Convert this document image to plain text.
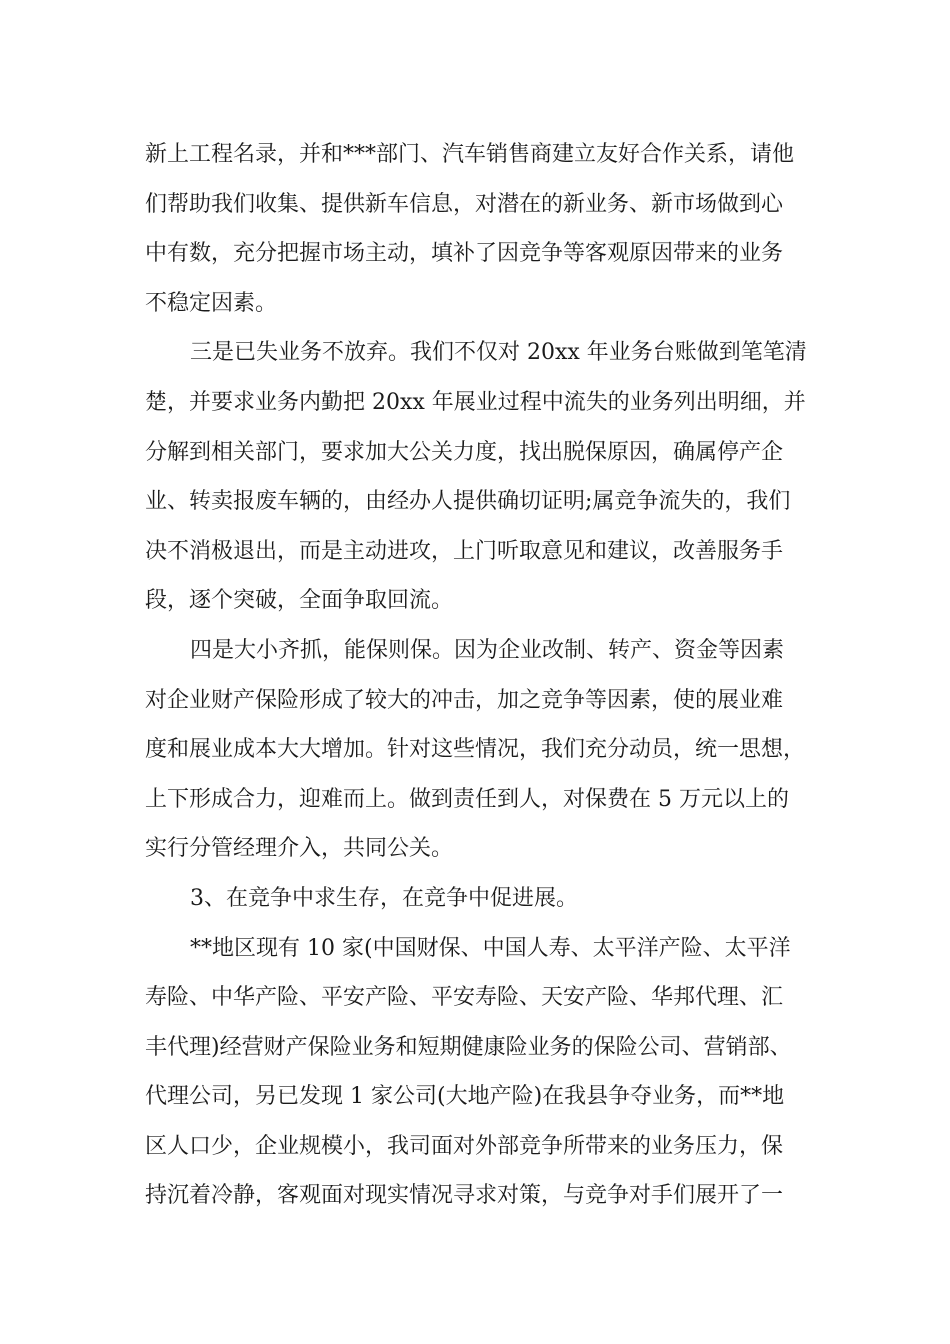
新上工程名录，并和***部门、汽车销售商建立友好合作关系，请他
们帮助我们收集、提供新车信息，对潜在的新业务、新市场做到心
中有数，充分把握市场主动，填补了因竞争等客观原因带来的业务
不稳定因素。
三是已失业务不放弃。我们不仅对 20xx 年业务台账做到笔笔清
楚，并要求业务内勤把 20xx 年展业过程中流失的业务列出明细，并
分解到相关部门，要求加大公关力度，找出脱保原因，确属停产企
业、转卖报废车辆的，由经办人提供确切证明;属竞争流失的，我们
决不消极退出，而是主动进攻，上门听取意见和建议，改善服务手
段，逐个突破，全面争取回流。
四是大小齐抓，能保则保。因为企业改制、转产、资金等因素
对企业财产保险形成了较大的冲击，加之竞争等因素，使的展业难
度和展业成本大大增加。针对这些情况，我们充分动员，统一思想，
上下形成合力，迎难而上。做到责任到人，对保费在 5 万元以上的
实行分管经理介入，共同公关。
3、在竞争中求生存，在竞争中促进展。
**地区现有 10 家(中国财保、中国人寿、太平洋产险、太平洋
寿险、中华产险、平安产险、平安寿险、天安产险、华邦代理、汇
丰代理)经营财产保险业务和短期健康险业务的保险公司、营销部、
代理公司，另已发现 1 家公司(大地产险)在我县争夺业务，而**地
区人口少，企业规模小，我司面对外部竞争所带来的业务压力，保
持沉着冷静，客观面对现实情况寻求对策，与竞争对手们展开了一
